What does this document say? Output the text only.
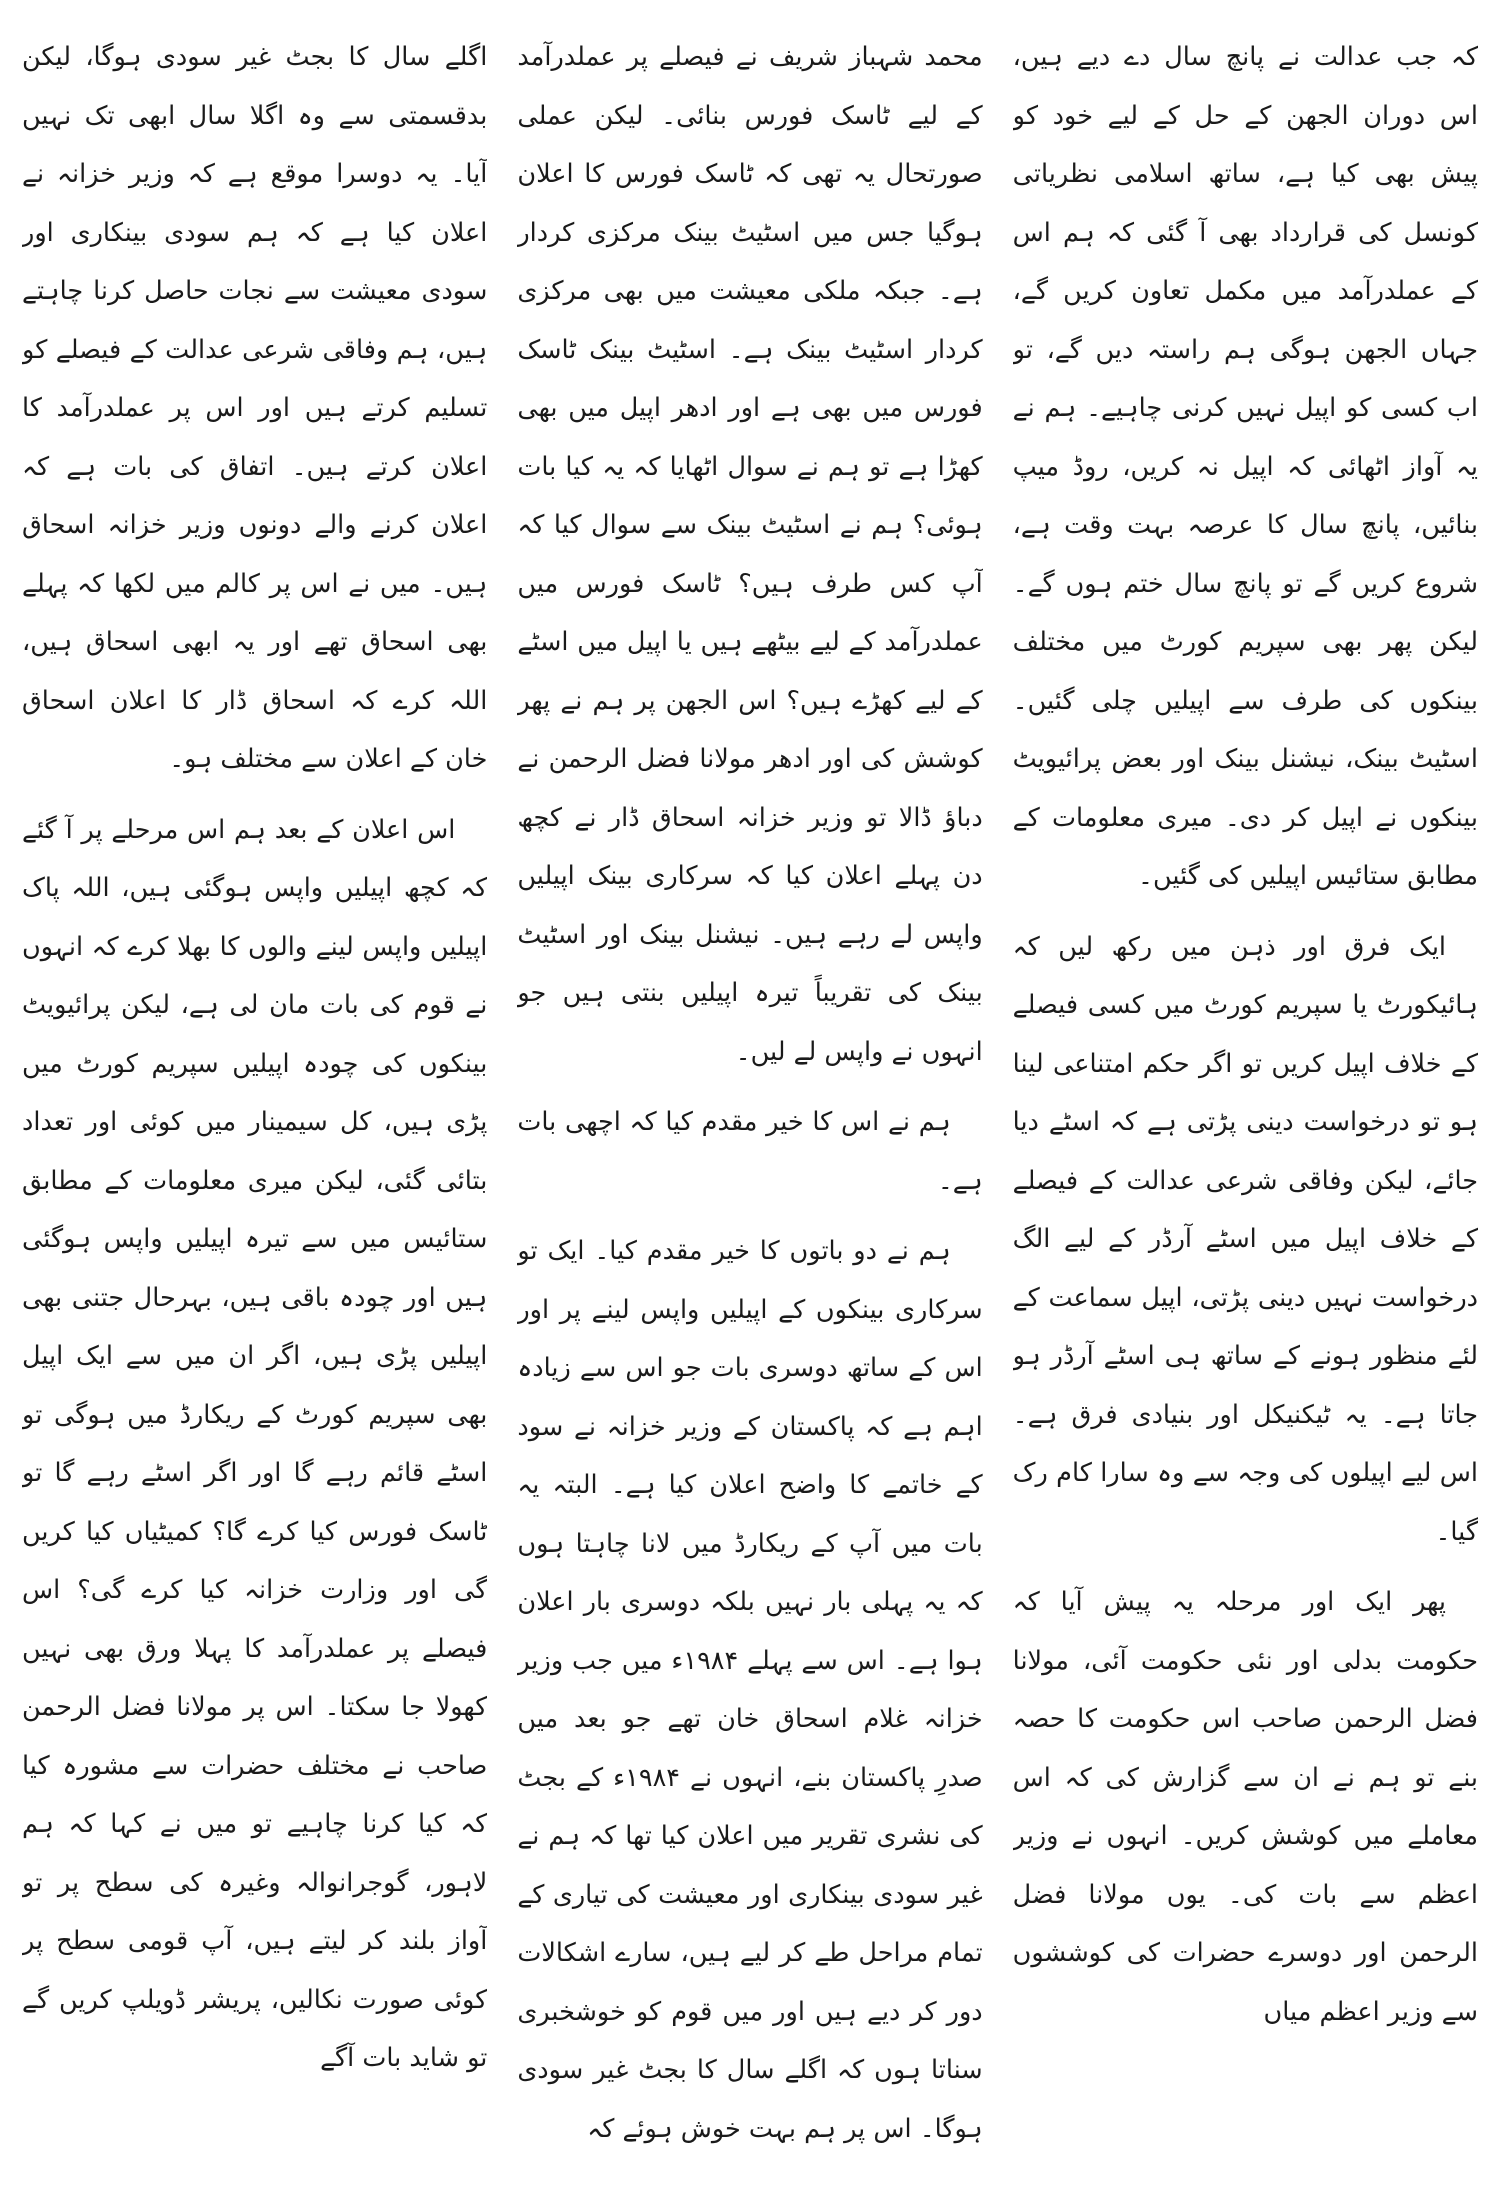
کہ جب عدالت نے پانچ سال دے دیے ہیں، اس دوران الجھن کے حل کے لیے خود کو پیش بھی کیا ہے، ساتھ اسلامی نظریاتی کونسل کی قرارداد بھی آ گئی کہ ہم اس کے عملدرآمد میں مکمل تعاون کریں گے، جہاں الجھن ہوگی ہم راستہ دیں گے، تو اب کسی کو اپیل نہیں کرنی چاہیے۔ ہم نے یہ آواز اٹھائی کہ اپیل نہ کریں، روڈ میپ بنائیں، پانچ سال کا عرصہ بہت وقت ہے، شروع کریں گے تو پانچ سال ختم ہوں گے۔ لیکن پھر بھی سپریم کورٹ میں مختلف بینکوں کی طرف سے اپیلیں چلی گئیں۔ اسٹیٹ بینک، نیشنل بینک اور بعض پرائیویٹ بینکوں نے اپیل کر دی۔ میری معلومات کے مطابق ستائیس اپیلیں کی گئیں۔

ایک فرق اور ذہن میں رکھ لیں کہ ہائیکورٹ یا سپریم کورٹ میں کسی فیصلے کے خلاف اپیل کریں تو اگر حکم امتناعی لینا ہو تو درخواست دینی پڑتی ہے کہ اسٹے دیا جائے، لیکن وفاقی شرعی عدالت کے فیصلے کے خلاف اپیل میں اسٹے آرڈر کے لیے الگ درخواست نہیں دینی پڑتی، اپیل سماعت کے لئے منظور ہونے کے ساتھ ہی اسٹے آرڈر ہو جاتا ہے۔ یہ ٹیکنیکل اور بنیادی فرق ہے۔ اس لیے اپیلوں کی وجہ سے وہ سارا کام رک گیا۔

پھر ایک اور مرحلہ یہ پیش آیا کہ حکومت بدلی اور نئی حکومت آئی، مولانا فضل الرحمن صاحب اس حکومت کا حصہ بنے تو ہم نے ان سے گزارش کی کہ اس معاملے میں کوشش کریں۔ انہوں نے وزیر اعظم سے بات کی۔ یوں مولانا فضل الرحمن اور دوسرے حضرات کی کوششوں سے وزیر اعظم میاں

محمد شہباز شریف نے فیصلے پر عملدرآمد کے لیے ٹاسک فورس بنائی۔ لیکن عملی صورتحال یہ تھی کہ ٹاسک فورس کا اعلان ہوگیا جس میں اسٹیٹ بینک مرکزی کردار ہے۔ جبکہ ملکی معیشت میں بھی مرکزی کردار اسٹیٹ بینک ہے۔ اسٹیٹ بینک ٹاسک فورس میں بھی ہے اور ادھر اپیل میں بھی کھڑا ہے تو ہم نے سوال اٹھایا کہ یہ کیا بات ہوئی؟ ہم نے اسٹیٹ بینک سے سوال کیا کہ آپ کس طرف ہیں؟ ٹاسک فورس میں عملدرآمد کے لیے بیٹھے ہیں یا اپیل میں اسٹے کے لیے کھڑے ہیں؟ اس الجھن پر ہم نے پھر کوشش کی اور ادھر مولانا فضل الرحمن نے دباؤ ڈالا تو وزیر خزانہ اسحاق ڈار نے کچھ دن پہلے اعلان کیا کہ سرکاری بینک اپیلیں واپس لے رہے ہیں۔ نیشنل بینک اور اسٹیٹ بینک کی تقریباً تیرہ اپیلیں بنتی ہیں جو انہوں نے واپس لے لیں۔

ہم نے اس کا خیر مقدم کیا کہ اچھی بات ہے۔

ہم نے دو باتوں کا خیر مقدم کیا۔ ایک تو سرکاری بینکوں کے اپیلیں واپس لینے پر اور اس کے ساتھ دوسری بات جو اس سے زیادہ اہم ہے کہ پاکستان کے وزیر خزانہ نے سود کے خاتمے کا واضح اعلان کیا ہے۔ البتہ یہ بات میں آپ کے ریکارڈ میں لانا چاہتا ہوں کہ یہ پہلی بار نہیں بلکہ دوسری بار اعلان ہوا ہے۔ اس سے پہلے ۱۹۸۴ء میں جب وزیر خزانہ غلام اسحاق خان تھے جو بعد میں صدرِ پاکستان بنے، انہوں نے ۱۹۸۴ء کے بجٹ کی نشری تقریر میں اعلان کیا تھا کہ ہم نے غیر سودی بینکاری اور معیشت کی تیاری کے تمام مراحل طے کر لیے ہیں، سارے اشکالات دور کر دیے ہیں اور میں قوم کو خوشخبری سناتا ہوں کہ اگلے سال کا بجٹ غیر سودی ہوگا۔ اس پر ہم بہت خوش ہوئے کہ

اگلے سال کا بجٹ غیر سودی ہوگا، لیکن بدقسمتی سے وہ اگلا سال ابھی تک نہیں آیا۔ یہ دوسرا موقع ہے کہ وزیر خزانہ نے اعلان کیا ہے کہ ہم سودی بینکاری اور سودی معیشت سے نجات حاصل کرنا چاہتے ہیں، ہم وفاقی شرعی عدالت کے فیصلے کو تسلیم کرتے ہیں اور اس پر عملدرآمد کا اعلان کرتے ہیں۔ اتفاق کی بات ہے کہ اعلان کرنے والے دونوں وزیر خزانہ اسحاق ہیں۔ میں نے اس پر کالم میں لکھا کہ پہلے بھی اسحاق تھے اور یہ ابھی اسحاق ہیں، اللہ کرے کہ اسحاق ڈار کا اعلان اسحاق خان کے اعلان سے مختلف ہو۔

اس اعلان کے بعد ہم اس مرحلے پر آ گئے کہ کچھ اپیلیں واپس ہوگئی ہیں، اللہ پاک اپیلیں واپس لینے والوں کا بھلا کرے کہ انہوں نے قوم کی بات مان لی ہے، لیکن پرائیویٹ بینکوں کی چودہ اپیلیں سپریم کورٹ میں پڑی ہیں، کل سیمینار میں کوئی اور تعداد بتائی گئی، لیکن میری معلومات کے مطابق ستائیس میں سے تیرہ اپیلیں واپس ہوگئی ہیں اور چودہ باقی ہیں، بہرحال جتنی بھی اپیلیں پڑی ہیں، اگر ان میں سے ایک اپیل بھی سپریم کورٹ کے ریکارڈ میں ہوگی تو اسٹے قائم رہے گا اور اگر اسٹے رہے گا تو ٹاسک فورس کیا کرے گا؟ کمیٹیاں کیا کریں گی اور وزارت خزانہ کیا کرے گی؟ اس فیصلے پر عملدرآمد کا پہلا ورق بھی نہیں کھولا جا سکتا۔ اس پر مولانا فضل الرحمن صاحب نے مختلف حضرات سے مشورہ کیا کہ کیا کرنا چاہیے تو میں نے کہا کہ ہم لاہور، گوجرانوالہ وغیرہ کی سطح پر تو آواز بلند کر لیتے ہیں، آپ قومی سطح پر کوئی صورت نکالیں، پریشر ڈویلپ کریں گے تو شاید بات آگے
